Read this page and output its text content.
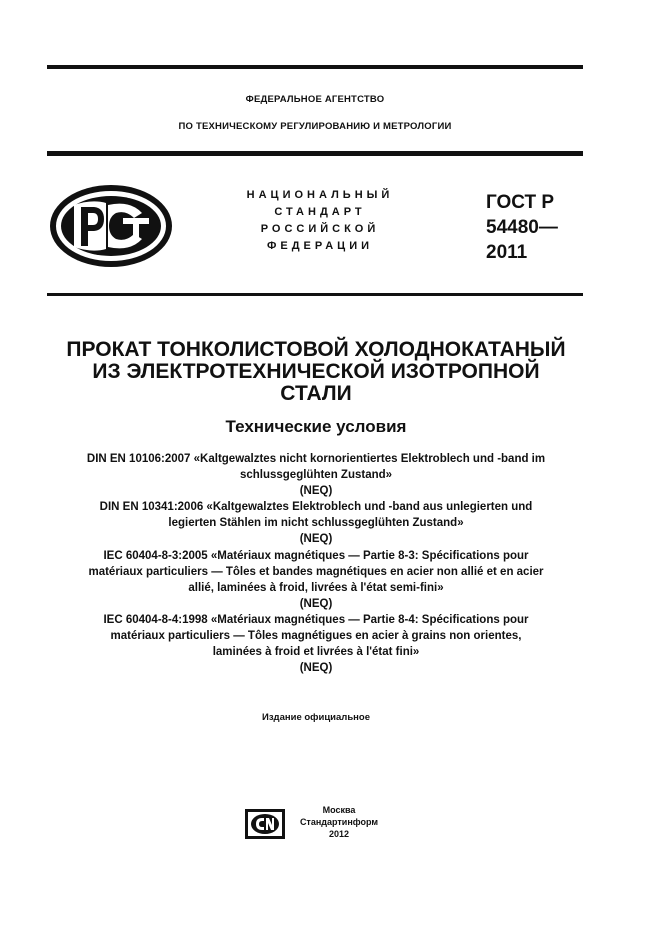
ФЕДЕРАЛЬНОЕ АГЕНТСТВО
ПО ТЕХНИЧЕСКОМУ РЕГУЛИРОВАНИЮ И МЕТРОЛОГИИ
НАЦИОНАЛЬНЫЙ
СТАНДАРТ
РОССИЙСКОЙ
ФЕДЕРАЦИИ
ГОСТ Р
54480—
2011
ПРОКАТ ТОНКОЛИСТОВОЙ ХОЛОДНОКАТАНЫЙ
ИЗ ЭЛЕКТРОТЕХНИЧЕСКОЙ ИЗОТРОПНОЙ
СТАЛИ
Технические условия

DIN EN 10106:2007 «Kaltgewalztes nicht kornorientiertes Elektroblech und -band im

schlussgeglühten Zustand»

(NEQ)

DIN EN 10341:2006 «Kaltgewalztes Elektroblech und -band aus unlegierten und

legierten Stählen im nicht schlussgeglühten Zustand»

(NEQ)

IEC 60404-8-3:2005 «Matériaux magnétiques — Partie 8-3: Spécifications pour

matériaux particuliers — Tôles et bandes magnétiques en acier non allié et en acier

allié, laminées à froid, livrées à l'état semi-fini»

(NEQ)

IEC 60404-8-4:1998 «Matériaux magnétiques — Partie 8-4: Spécifications pour

matériaux particuliers — Tôles magnétigues en acier à grains non orientes,

laminées à froid et livrées à l'état fini»

(NEQ)

Издание официальное
Москва
Стандартинформ
2012
